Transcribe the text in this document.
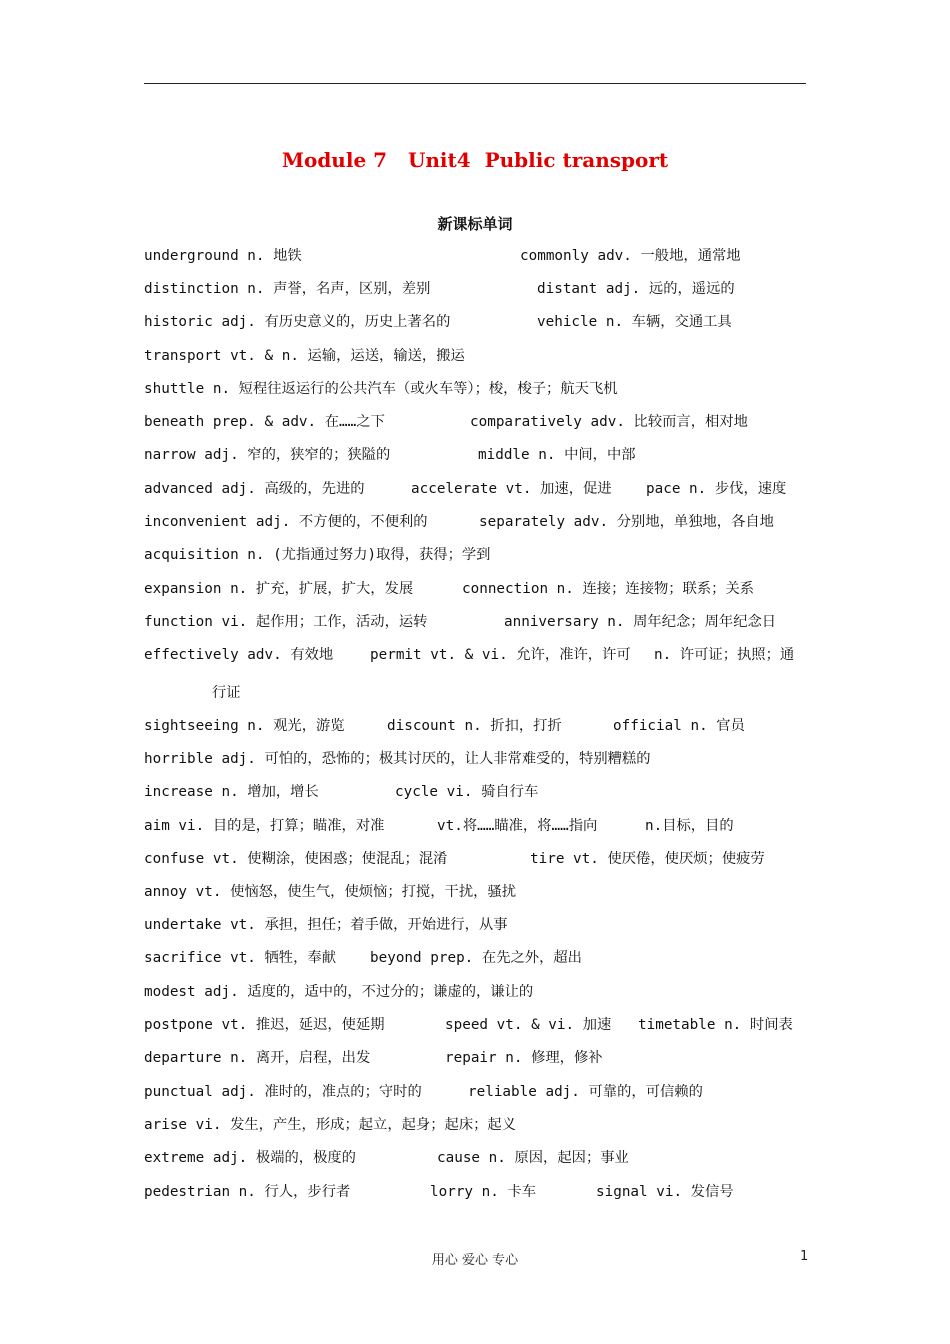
Module 7   Unit4  Public transport
新课标单词
underground n. 地铁	commonly adv. 一般地，通常地
distinction n. 声誉，名声，区别，差别	distant adj. 远的，遥远的
historic adj. 有历史意义的，历史上著名的	vehicle n. 车辆，交通工具
transport vt. & n. 运输，运送，输送，搬运
shuttle n. 短程往返运行的公共汽车（或火车等）；梭，梭子；航天飞机
beneath prep. & adv. 在……之下	comparatively adv. 比较而言，相对地
narrow adj. 窄的，狭窄的；狭隘的	middle n. 中间，中部
advanced adj. 高级的，先进的	accelerate vt. 加速，促进 pace n. 步伐，速度
inconvenient adj. 不方便的，不便利的	separately adv. 分别地，单独地，各自地
acquisition n. (尤指通过努力)取得，获得；学到
expansion n. 扩充，扩展，扩大，发展	connection n. 连接；连接物；联系；关系
function vi. 起作用；工作，活动，运转	anniversary n. 周年纪念；周年纪念日
effectively adv. 有效地	permit vt. & vi. 允许，准许，许可 n. 许可证；执照；通
行证
sightseeing n. 观光，游览	discount n. 折扣，打折	official n. 官员
horrible adj. 可怕的，恐怖的；极其讨厌的，让人非常难受的，特别糟糕的
increase n. 增加，增长	cycle vi. 骑自行车
aim vi. 目的是，打算；瞄准，对准	vt.将……瞄准，将……指向	n.目标，目的
confuse vt. 使糊涂，使困惑；使混乱；混淆	tire vt. 使厌倦，使厌烦；使疲劳
annoy vt. 使恼怒，使生气，使烦恼；打搅，干扰，骚扰
undertake vt. 承担，担任；着手做，开始进行，从事
sacrifice vt. 牺牲，奉献 beyond prep. 在先之外，超出
modest adj. 适度的，适中的，不过分的；谦虚的，谦让的
postpone vt. 推迟，延迟，使延期	speed vt. & vi. 加速 timetable n. 时间表
departure n. 离开，启程，出发	repair n. 修理，修补
punctual adj. 准时的，准点的；守时的	reliable adj. 可靠的，可信赖的
arise vi. 发生，产生，形成；起立，起身；起床；起义
extreme adj. 极端的，极度的	cause n. 原因，起因；事业
pedestrian n. 行人，步行者	lorry n. 卡车	signal vi. 发信号
用心 爱心 专心	1
